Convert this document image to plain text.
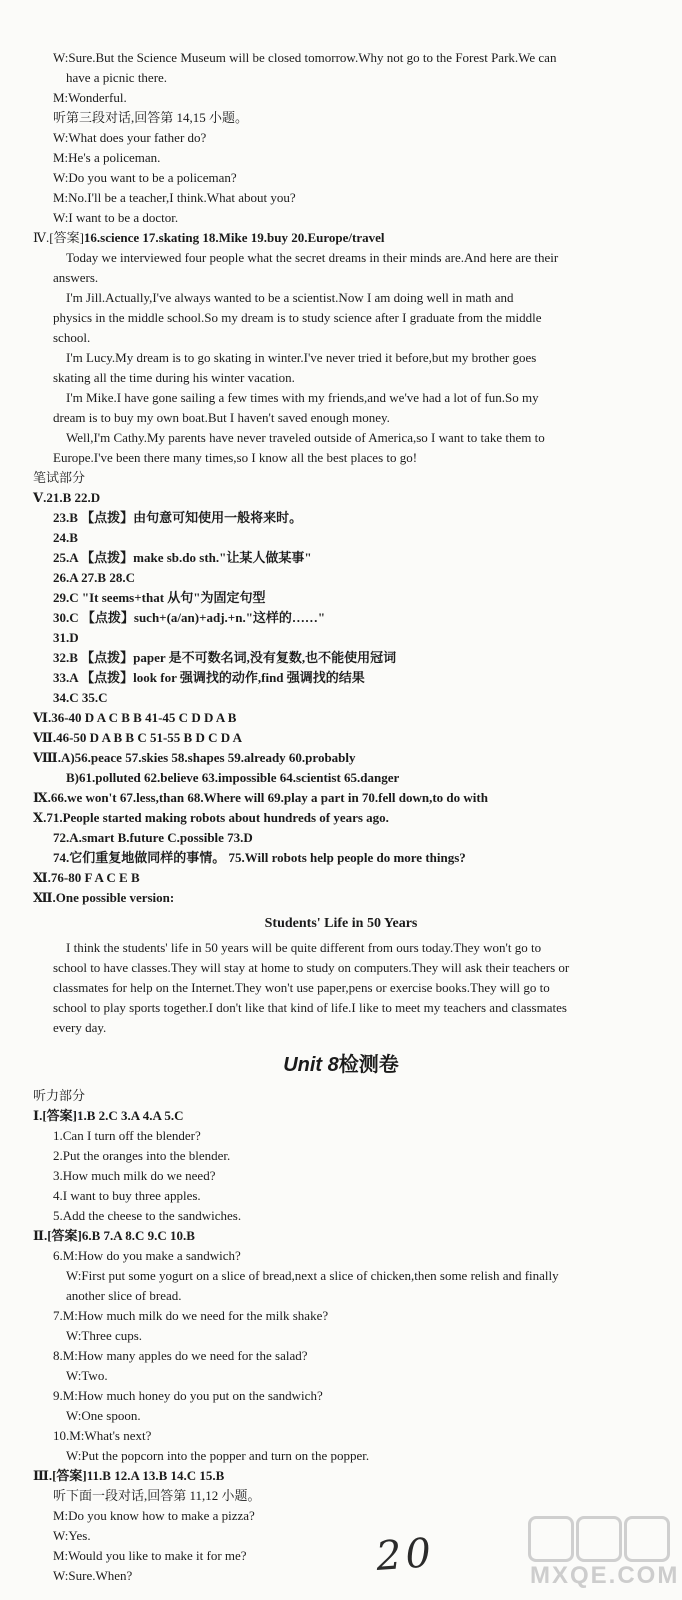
W:Sure.But the Science Museum will be closed tomorrow.Why not go to the Forest Park.We can
have a picnic there.
M:Wonderful.
听第三段对话,回答第 14,15 小题。
W:What does your father do?
M:He's a policeman.
W:Do you want to be a policeman?
M:No.I'll be a teacher,I think.What about you?
W:I want to be a doctor.
Ⅳ.[答案]16.science 17.skating 18.Mike 19.buy 20.Europe/travel
Today we interviewed four people what the secret dreams in their minds are.And here are their
answers.
I'm Jill.Actually,I've always wanted to be a scientist.Now I am doing well in math and
physics in the middle school.So my dream is to study science after I graduate from the middle
school.
I'm Lucy.My dream is to go skating in winter.I've never tried it before,but my brother goes
skating all the time during his winter vacation.
I'm Mike.I have gone sailing a few times with my friends,and we've had a lot of fun.So my
dream is to buy my own boat.But I haven't saved enough money.
Well,I'm Cathy.My parents have never traveled outside of America,so I want to take them to
Europe.I've been there many times,so I know all the best places to go!
笔试部分
Ⅴ.21.B 22.D
23.B 【点拨】由句意可知使用一般将来时。
24.B
25.A 【点拨】make sb.do sth."让某人做某事"
26.A 27.B 28.C
29.C "It seems+that 从句"为固定句型
30.C 【点拨】such+(a/an)+adj.+n."这样的……"
31.D
32.B 【点拨】paper 是不可数名词,没有复数,也不能使用冠词
33.A 【点拨】look for 强调找的动作,find 强调找的结果
34.C 35.C
Ⅵ.36-40 D A C B B 41-45 C D D A B
Ⅶ.46-50 D A B B C 51-55 B D C D A
Ⅷ.A)56.peace 57.skies 58.shapes 59.already 60.probably
B)61.polluted 62.believe 63.impossible 64.scientist 65.danger
Ⅸ.66.we won't 67.less,than 68.Where will 69.play a part in 70.fell down,to do with
Ⅹ.71.People started making robots about hundreds of years ago.
72.A.smart B.future C.possible 73.D
74.它们重复地做同样的事情。 75.Will robots help people do more things?
Ⅺ.76-80 F A C E B
Ⅻ.One possible version:
Students' Life in 50 Years
I think the students' life in 50 years will be quite different from ours today.They won't go to
school to have classes.They will stay at home to study on computers.They will ask their teachers or
classmates for help on the Internet.They won't use paper,pens or exercise books.They will go to
school to play sports together.I don't like that kind of life.I like to meet my teachers and classmates
every day.
Unit 8检测卷
听力部分
Ⅰ.[答案]1.B 2.C 3.A 4.A 5.C
1.Can I turn off the blender?
2.Put the oranges into the blender.
3.How much milk do we need?
4.I want to buy three apples.
5.Add the cheese to the sandwiches.
Ⅱ.[答案]6.B 7.A 8.C 9.C 10.B
6.M:How do you make a sandwich?
W:First put some yogurt on a slice of bread,next a slice of chicken,then some relish and finally
another slice of bread.
7.M:How much milk do we need for the milk shake?
W:Three cups.
8.M:How many apples do we need for the salad?
W:Two.
9.M:How much honey do you put on the sandwich?
W:One spoon.
10.M:What's next?
W:Put the popcorn into the popper and turn on the popper.
Ⅲ.[答案]11.B 12.A 13.B 14.C 15.B
听下面一段对话,回答第 11,12 小题。
M:Do you know how to make a pizza?
W:Yes.
M:Would you like to make it for me?
W:Sure.When?	20	MXQE.COM
